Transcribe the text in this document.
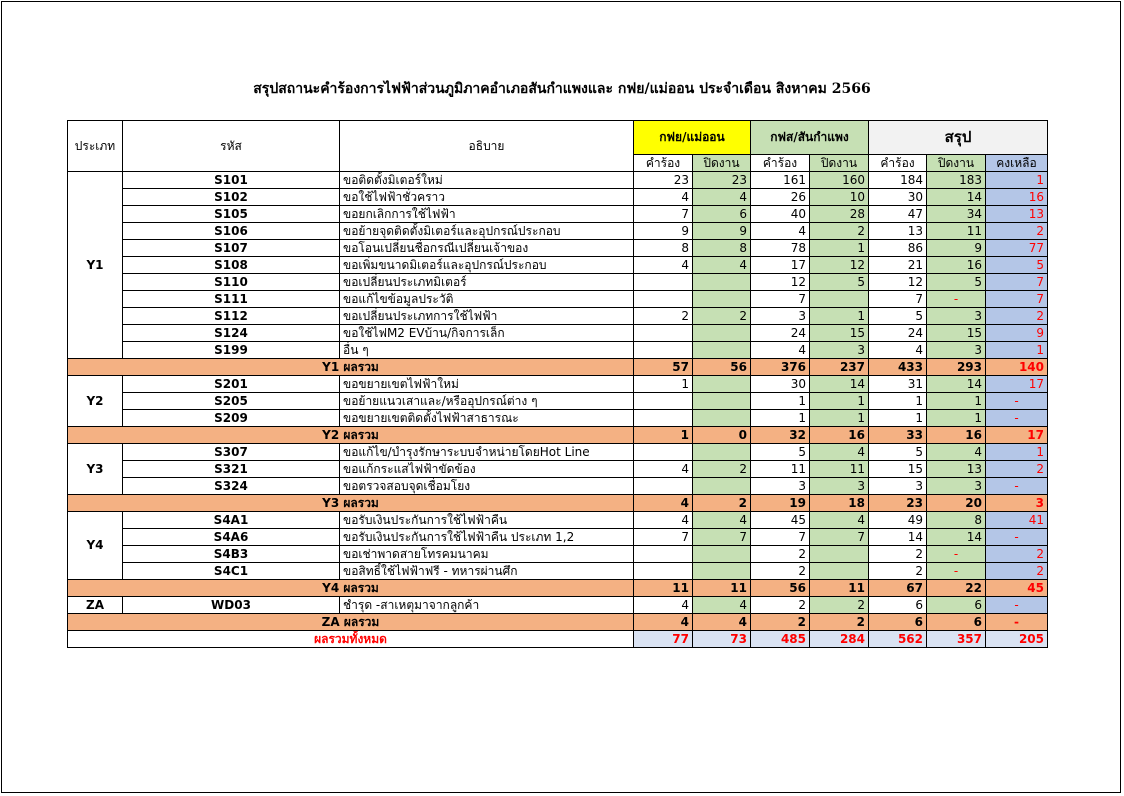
สรุปสถานะคำร้องการไฟฟ้าส่วนภูมิภาคอำเภอสันกำแพงและ กฟย/แม่ออน ประจำเดือน สิงหาคม 2566
ประเภท	รหัส	อธิบาย	กฟย/แม่ออน		กฟส/สันกำแพง		สรุป		
			คำร้อง	ปิดงาน	คำร้อง	ปิดงาน	คำร้อง	ปิดงาน	คงเหลือ
Y1	S101	ขอติดตั้งมิเตอร์ใหม่	23	23	161	160	184	183	1
	S102	ขอใช้ไฟฟ้าชั่วคราว	4	4	26	10	30	14	16
	S105	ขอยกเลิกการใช้ไฟฟ้า	7	6	40	28	47	34	13
	S106	ขอย้ายจุดติดตั้งมิเตอร์และอุปกรณ์ประกอบ	9	9	4	2	13	11	2
	S107	ขอโอนเปลี่ยนชื่อกรณีเปลี่ยนเจ้าของ	8	8	78	1	86	9	77
	S108	ขอเพิ่มขนาดมิเตอร์และอุปกรณ์ประกอบ	4	4	17	12	21	16	5
	S110	ขอเปลี่ยนประเภทมิเตอร์			12	5	12	5	7
	S111	ขอแก้ไขข้อมูลประวัติ			7		7	-	7
	S112	ขอเปลี่ยนประเภทการใช้ไฟฟ้า	2	2	3	1	5	3	2
	S124	ขอใช้ไฟM2 EVบ้าน/กิจการเล็ก			24	15	24	15	9
	S199	อื่น ๆ			4	3	4	3	1
Y1 ผลรวม			57	56	376	237	433	293	140
Y2	S201	ขอขยายเขตไฟฟ้าใหม่	1		30	14	31	14	17
	S205	ขอย้ายแนวเสาและ/หรืออุปกรณ์ต่าง ๆ			1	1	1	1	-
	S209	ขอขยายเขตติดตั้งไฟฟ้าสาธารณะ			1	1	1	1	-
Y2 ผลรวม			1	0	32	16	33	16	17
Y3	S307	ขอแก้ไข/บำรุงรักษาระบบจำหน่ายโดยHot Line			5	4	5	4	1
	S321	ขอแก้กระแสไฟฟ้าขัดข้อง	4	2	11	11	15	13	2
	S324	ขอตรวจสอบจุดเชื่อมโยง			3	3	3	3	-
Y3 ผลรวม			4	2	19	18	23	20	3
Y4	S4A1	ขอรับเงินประกันการใช้ไฟฟ้าคืน	4	4	45	4	49	8	41
	S4A6	ขอรับเงินประกันการใช้ไฟฟ้าคืน ประเภท 1,2	7	7	7	7	14	14	-
	S4B3	ขอเช่าพาดสายโทรคมนาคม			2		2	-	2
	S4C1	ขอสิทธิ์ใช้ไฟฟ้าฟรี - ทหารผ่านศึก			2		2	-	2
Y4 ผลรวม			11	11	56	11	67	22	45
ZA	WD03	ชำรุด -สาเหตุมาจากลูกค้า	4	4	2	2	6	6	-
ZA ผลรวม			4	4	2	2	6	6	-
ผลรวมทั้งหมด			77	73	485	284	562	357	205
